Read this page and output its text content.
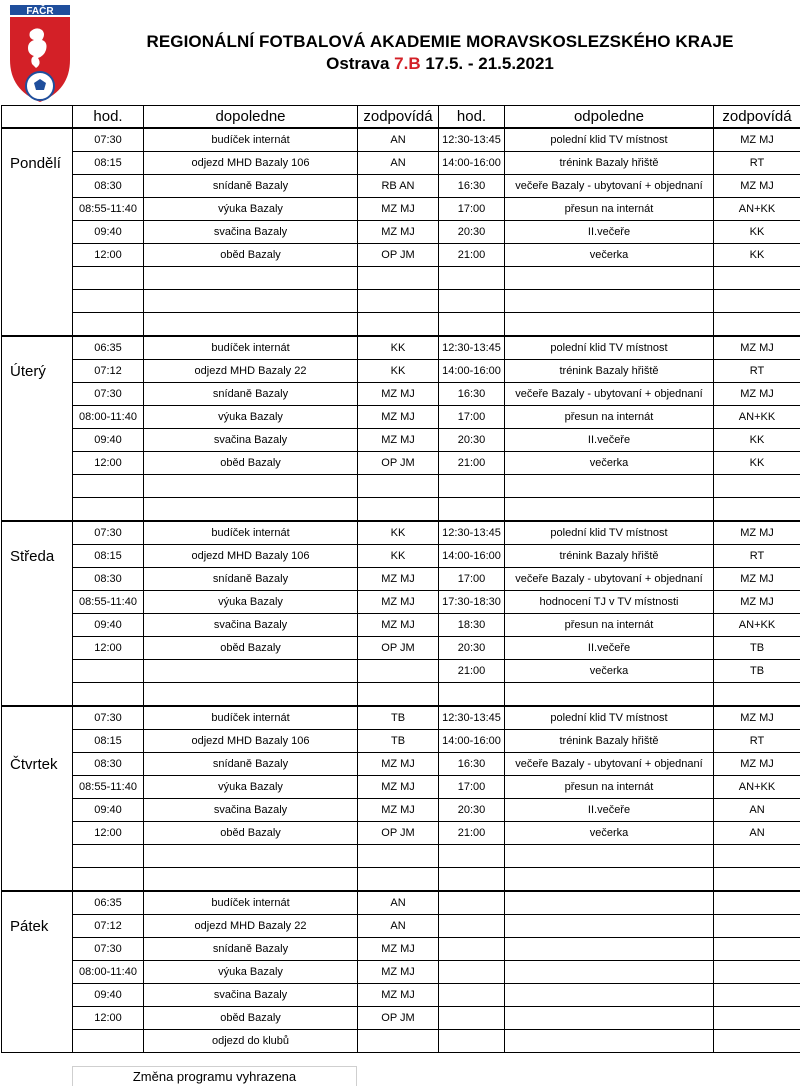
FAČR
REGIONÁLNÍ FOTBALOVÁ AKADEMIE MORAVSKOSLEZSKÉHO KRAJE
Ostrava 7.B 17.5. - 21.5.2021
	hod.	dopoledne	zodpovídá	hod.	odpoledne	zodpovídá
	07:30	budíček internát	AN	12:30-13:45	polední klid TV místnost	MZ MJ
Pondělí	08:15	odjezd MHD Bazaly 106	AN	14:00-16:00	trénink Bazaly hřiště	RT
	08:30	snídaně Bazaly	RB AN	16:30	večeře Bazaly - ubytovaní + objednaní	MZ MJ
	08:55-11:40	výuka Bazaly	MZ MJ	17:00	přesun na internát	AN+KK
	09:40	svačina Bazaly	MZ MJ	20:30	II.večeře	KK
	12:00	oběd Bazaly	OP JM	21:00	večerka	KK

	06:35	budíček internát	KK	12:30-13:45	polední klid TV místnost	MZ MJ
Úterý	07:12	odjezd MHD Bazaly 22	KK	14:00-16:00	trénink Bazaly hřiště	RT
	07:30	snídaně Bazaly	MZ MJ	16:30	večeře Bazaly - ubytovaní + objednaní	MZ MJ
	08:00-11:40	výuka Bazaly	MZ MJ	17:00	přesun na internát	AN+KK
	09:40	svačina Bazaly	MZ MJ	20:30	II.večeře	KK
	12:00	oběd Bazaly	OP JM	21:00	večerka	KK

	07:30	budíček internát	KK	12:30-13:45	polední klid TV místnost	MZ MJ
Středa	08:15	odjezd MHD Bazaly 106	KK	14:00-16:00	trénink Bazaly hřiště	RT
	08:30	snídaně Bazaly	MZ MJ	17:00	večeře Bazaly - ubytovaní + objednaní	MZ MJ
	08:55-11:40	výuka Bazaly	MZ MJ	17:30-18:30	hodnocení TJ v TV místnosti	MZ MJ
	09:40	svačina Bazaly	MZ MJ	18:30	přesun na internát	AN+KK
	12:00	oběd Bazaly	OP JM	20:30	II.večeře	TB
				21:00	večerka	TB

	07:30	budíček internát	TB	12:30-13:45	polední klid TV místnost	MZ MJ
	08:15	odjezd MHD Bazaly 106	TB	14:00-16:00	trénink Bazaly hřiště	RT
Čtvrtek	08:30	snídaně Bazaly	MZ MJ	16:30	večeře Bazaly - ubytovaní + objednaní	MZ MJ
	08:55-11:40	výuka Bazaly	MZ MJ	17:00	přesun na internát	AN+KK
	09:40	svačina Bazaly	MZ MJ	20:30	II.večeře	AN
	12:00	oběd Bazaly	OP JM	21:00	večerka	AN

	06:35	budíček internát	AN			
Pátek	07:12	odjezd MHD Bazaly 22	AN			
	07:30	snídaně Bazaly	MZ MJ			
	08:00-11:40	výuka Bazaly	MZ MJ			
	09:40	svačina Bazaly	MZ MJ			
	12:00	oběd Bazaly	OP JM			
		odjezd do klubů				
Změna programu vyhrazena
